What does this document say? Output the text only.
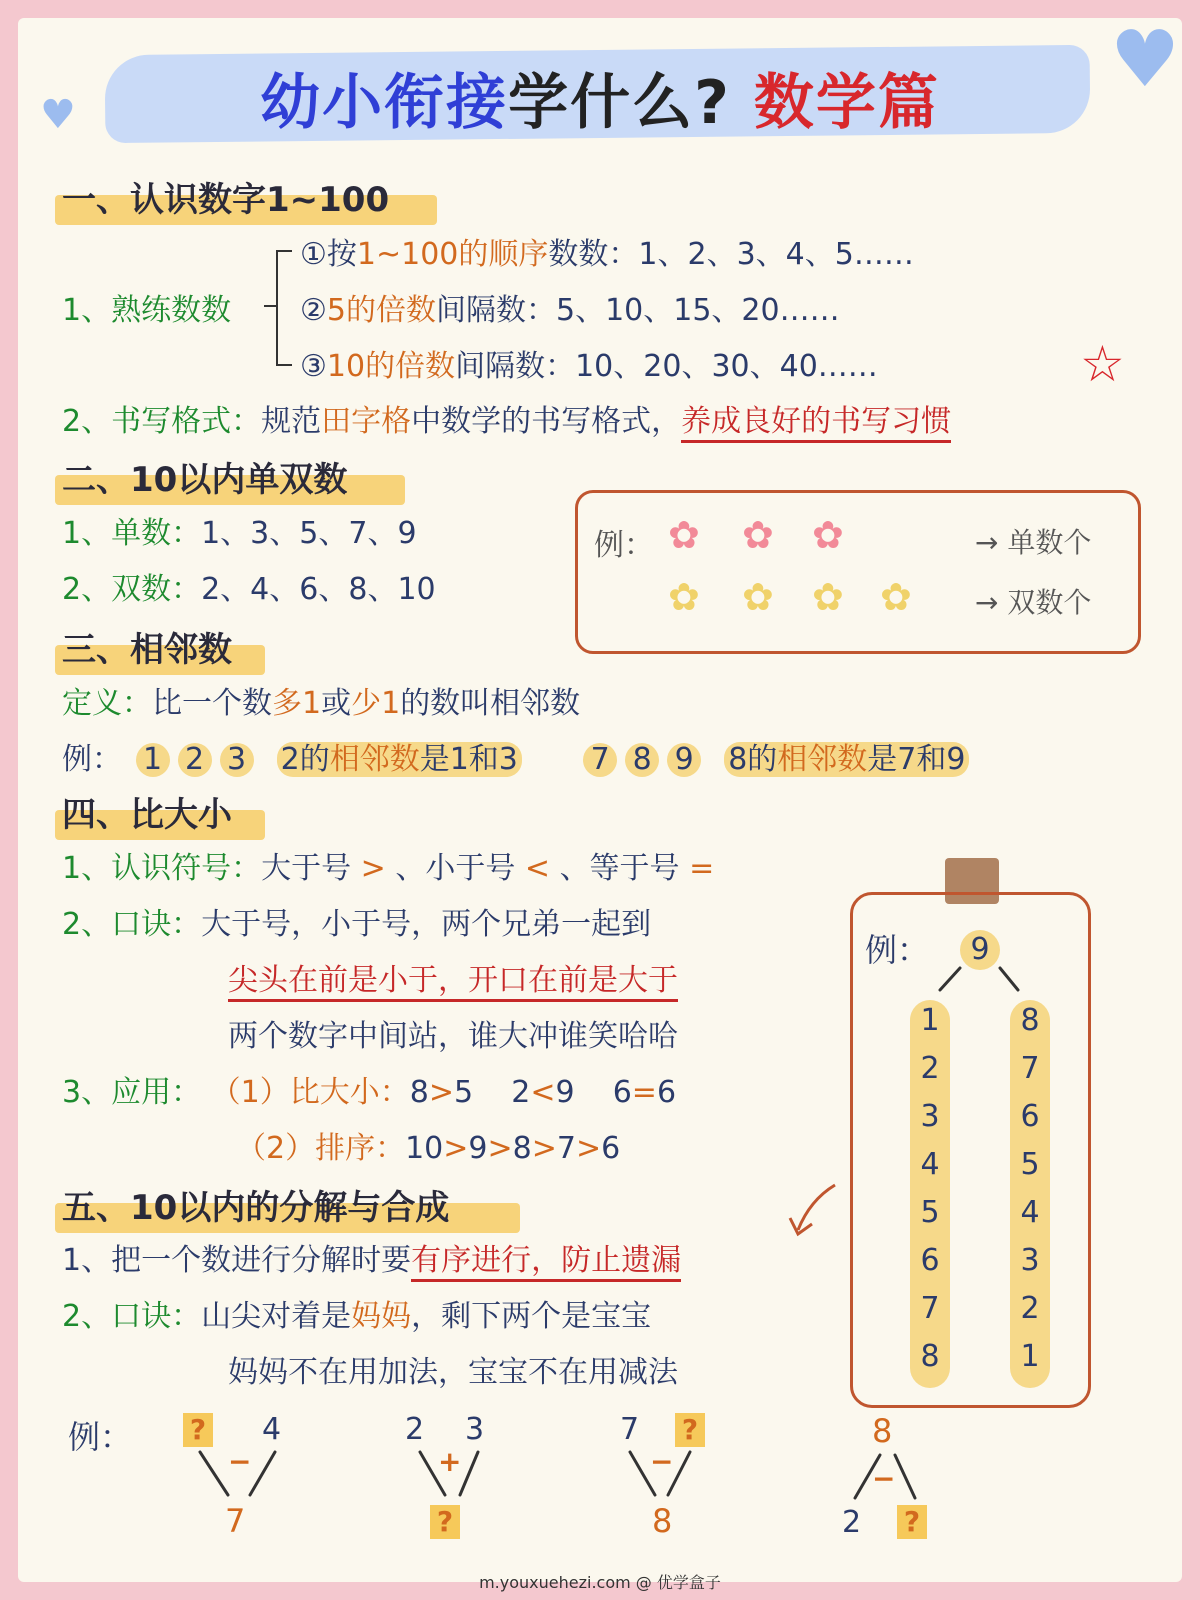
♥
♥
幼小衔接学什么? 数学篇
一、认识数字1~100
1、熟练数数
①按1~100的顺序数数：1、2、3、4、5……
②5的倍数间隔数：5、10、15、20……
③10的倍数间隔数：10、20、30、40……	☆
2、书写格式：规范田字格中数学的书写格式，养成良好的书写习惯
二、10以内单双数
1、单数：1、3、5、7、9
2、双数：2、4、6、8、10
例： ✿ ✿ ✿
✿ ✿ ✿ ✿
→ 单数个
→ 双数个
三、相邻数
定义：比一个数多1或少1的数叫相邻数
例： 1 2 3 2的相邻数是1和3 7 8 9 8的相邻数是7和9
四、比大小
1、认识符号：大于号 > 、小于号 < 、等于号 =
2、口诀：大于号，小于号，两个兄弟一起到
尖头在前是小于，开口在前是大于
两个数字中间站，谁大冲谁笑哈哈
3、应用： （1）比大小：8>5 2<9 6=6
（2）排序：10>9>8>7>6
例：	9
1
2
3
4
5
6
7
8
8
7
6
5
4
3
2
1
五、10以内的分解与合成
1、把一个数进行分解时要有序进行，防止遗漏
2、口诀：山尖对着是妈妈，剩下两个是宝宝
妈妈不在用加法，宝宝不在用减法
例： ? 4
−
7
2 3
+
?
7 ?
−
8
8
−
2 ?
m.youxuehezi.com @ 优学盒子
